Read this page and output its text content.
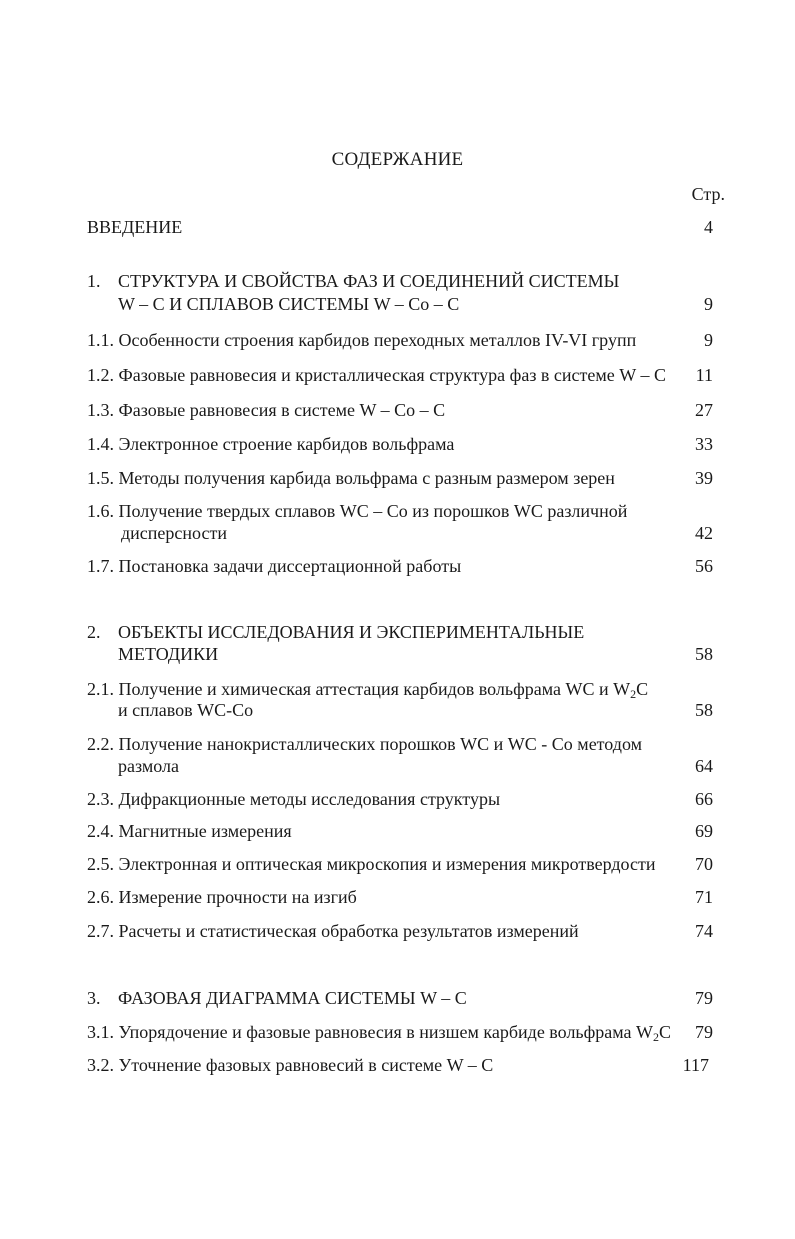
СОДЕРЖАНИЕ
Стр.
ВВЕДЕНИЕ	4
1. СТРУКТУРА И СВОЙСТВА ФАЗ И СОЕДИНЕНИЙ СИСТЕМЫ
W – C И СПЛАВОВ СИСТЕМЫ W – Co – C	9
1.1. Особенности строения карбидов переходных металлов IV-VI групп	9
1.2. Фазовые равновесия и кристаллическая структура фаз в системе W – C 11
1.3. Фазовые равновесия в системе W – Co – C	27
1.4. Электронное строение карбидов вольфрама	33
1.5. Методы получения карбида вольфрама с разным размером зерен	39
1.6. Получение твердых сплавов WC – Co из порошков WC различной
дисперсности	42
1.7. Постановка задачи диссертационной работы	56
2. ОБЪЕКТЫ ИССЛЕДОВАНИЯ И ЭКСПЕРИМЕНТАЛЬНЫЕ
МЕТОДИКИ	58
2.1. Получение и химическая аттестация карбидов вольфрама WC и $W_2C$
и сплавов WC-Co	58
2.2. Получение нанокристаллических порошков WC и WC - Co методом
размола	64
2.3. Дифракционные методы исследования структуры	66
2.4. Магнитные измерения	69
2.5. Электронная и оптическая микроскопия и измерения микротвердости 70
2.6. Измерение прочности на изгиб	71
2.7. Расчеты и статистическая обработка результатов измерений	74
3. ФАЗОВАЯ ДИАГРАММА СИСТЕМЫ W – C	79
3.1. Упорядочение и фазовые равновесия в низшем карбиде вольфрама $W_2C$ 79
3.2. Уточнение фазовых равновесий в системе W – C	117
